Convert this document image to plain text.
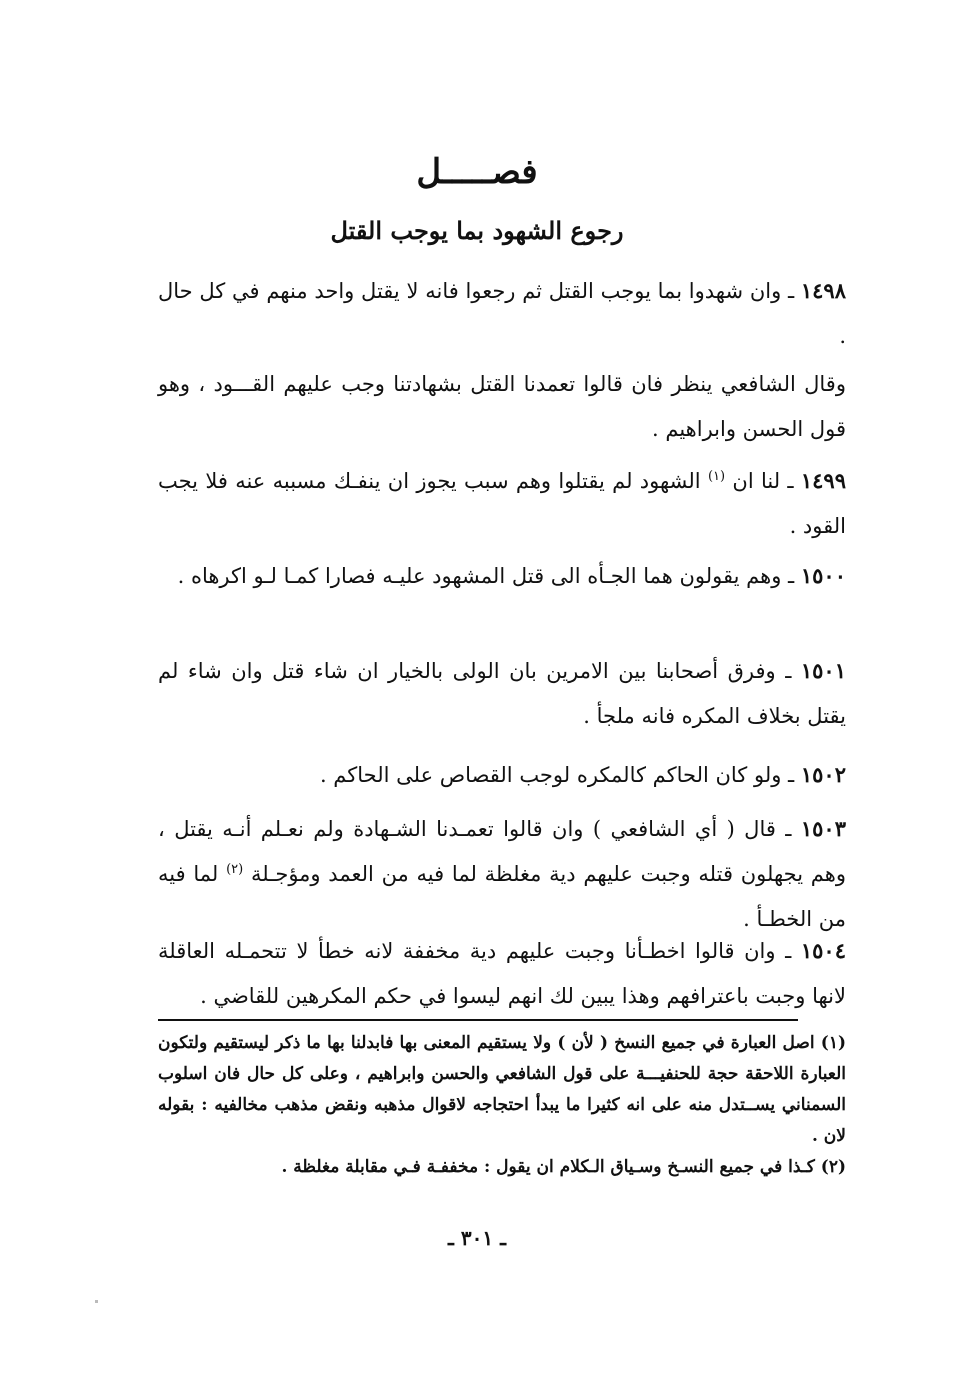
فصـــــل
رجوع الشهود بما يوجب القتل
١٤٩٨ ـ وان شهدوا بما يوجب القتل ثم رجعوا فانه لا يقتل واحد منهم في كل حال .
وقال الشافعي ينظر فان قالوا تعمدنا القتل بشهادتنا وجب عليهم القـــود ، وهو قول الحسن وابراهيم .
١٤٩٩ ـ لنا ان $^{(١)}$ الشهود لم يقتلوا وهم سبب يجوز ان ينفـك مسببه عنه فلا يجب القود .
١٥٠٠ ـ وهم يقولون هما الجـأه الى قتل المشهود عليـه فصارا كمـا لـو اكرهاه .
١٥٠١ ـ وفرق أصحابنا بين الامرين بان الولى بالخيار ان شاء قتل وان شاء لم يقتل بخلاف المكره فانه ملجأ .
١٥٠٢ ـ ولو كان الحاكم كالمكره لوجب القصاص على الحاكم .
١٥٠٣ ـ قال ( أي الشافعي ) وان قالوا تعمـدنا الشـهادة ولم نعـلم أنـه يقتل ، وهم يجهلون قتله وجبت عليهم دية مغلظة لما فيه من العمد ومؤجـلة $^{(٢)}$ لما فيه من الخطـأ .
١٥٠٤ ـ وان قالوا اخطـأنا وجبت عليهم دية مخففة لانه خطأ لا تتحمـله العاقلة لانها وجبت باعترافهم وهذا يبين لك انهم ليسوا في حكم المكرهين للقاضي .

(١) اصل العبارة في جميع النسخ ( لأن ) ولا يستقيم المعنى بها فابدلنا بها ما ذكر ليستقيم ولتكون العبارة اللاحقة حجة للحنفيـــة على قول الشافعي والحسن وابراهيم ، وعلى كل حال فان اسلوب السمناني يســتدل منه على انه كثيرا ما يبدأ احتجاجه لاقوال مذهبه ونقض مذهب مخالفيه : بقوله لان .

(٢) كـذا في جميع النسـخ وسـياق الـكلام ان يقول : مخففـة فـي مقابلة مغلظة .

ـ ٣٠١ ـ
